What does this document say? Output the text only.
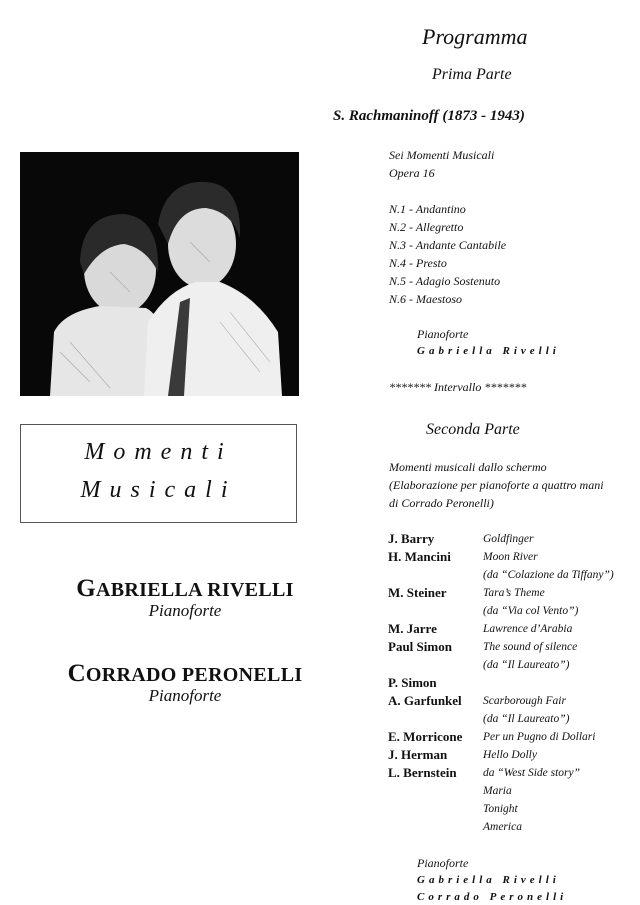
Momenti
Musicali
GABRIELLA RIVELLI
Pianoforte
CORRADO PERONELLI
Pianoforte
Programma
Prima Parte
S. Rachmaninoff (1873 - 1943)
Sei Momenti Musicali
Opera 16
N.1 - Andantino
N.2 - Allegretto
N.3 - Andante Cantabile
N.4 - Presto
N.5 - Adagio Sostenuto
N.6 - Maestoso
Pianoforte
Gabriella Rivelli
******* Intervallo *******
Seconda Parte
Momenti musicali dallo schermo
(Elaborazione per pianoforte a quattro mani
di Corrado Peronelli)
J. Barry	Goldfinger
H. Mancini	Moon River
(da “Colazione da Tiffany”)
M. Steiner	Tara’s Theme
(da “Via col Vento”)
M. Jarre	Lawrence d’Arabia
Paul Simon	The sound of silence
(da “Il Laureato”)
P. Simon
A. Garfunkel	Scarborough Fair
(da “Il Laureato”)
E. Morricone	Per un Pugno di Dollari
J. Herman	Hello Dolly
L. Bernstein	da “West Side story”
Maria
Tonight
America
Pianoforte
Gabriella Rivelli
Corrado Peronelli
